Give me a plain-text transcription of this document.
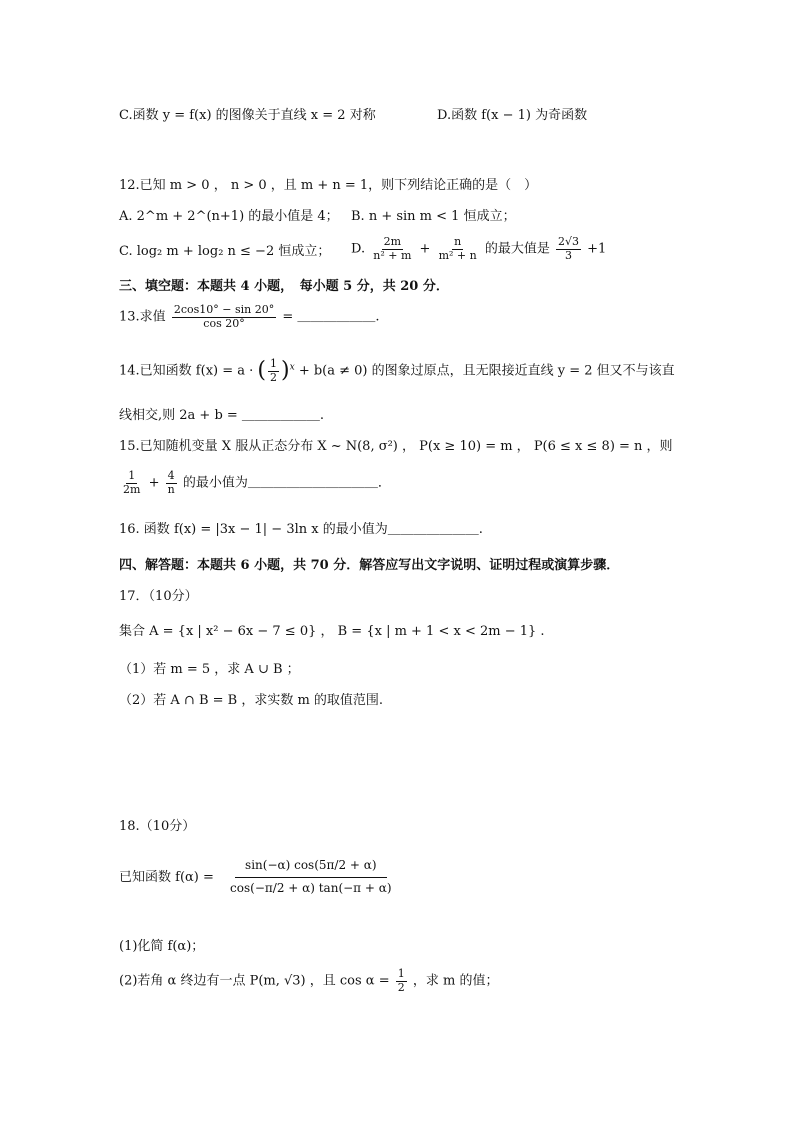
C.函数 y = f(x) 的图像关于直线 x = 2 对称	D.函数 f(x − 1) 为奇函数
12.已知 m > 0 ， n > 0 ，且 m + n = 1，则下列结论正确的是（　）
A. 2^m + 2^(n+1) 的最小值是 4； B. n + sin m < 1 恒成立；
C. log₂ m + log₂ n ≤ −2 恒成立； D. $\frac{2m}{\text{n² + m}} + \frac{n}{\text{m² + n}}$ 的最大值是 $\frac{2√3}{3} +1$
三、填空题：本题共 4 小题，　每小题 5 分，共 20 分．
13.求值 $\frac{2\cos 10^\circ - \sin 20^\circ}{\cos 20^\circ}$ = ＿＿＿＿＿＿.
14.已知函数 f(x) = a · ( $\frac{1}{2} )^x + b(a \ne 0)$ 的图象过原点，且无限接近直线 y = 2 但又不与该直
线相交,则 2a + b = ＿＿＿＿＿＿.
15.已知随机变量 X 服从正态分布 X ~ N(8, σ²) ， P(x ≥ 10) = m ， P(6 ≤ x ≤ 8) = n ，则
$\frac{1}{2m} + \frac{4}{n}$ 的最小值为＿＿＿＿＿＿＿＿＿＿．
16. 函数 f(x) = |3x − 1| − 3ln x 的最小值为＿＿＿＿＿＿＿.
四、解答题：本题共 6 小题，共 70 分．解答应写出文字说明、证明过程或演算步骤．
17．（10分）
集合 A = {x | x² − 6x − 7 ≤ 0} ， B = {x | m + 1 < x < 2m − 1} .
（1）若 m = 5 ，求 A ∪ B ；
（2）若 A ∩ B = B ，求实数 m 的取值范围.
18.（10分）
已知函数 $f(\alpha) = \frac{\sin(-\alpha) \cos(5\pi/2 + \alpha)}{\cos(-\pi/2 + \alpha) \tan(-\pi + \alpha)}$
(1)化简 f(α)；
(2)若角 α 终边有一点 P(m, √3) ，且 $\cos \alpha = \frac{1}{2}$ ，求 m 的值；
